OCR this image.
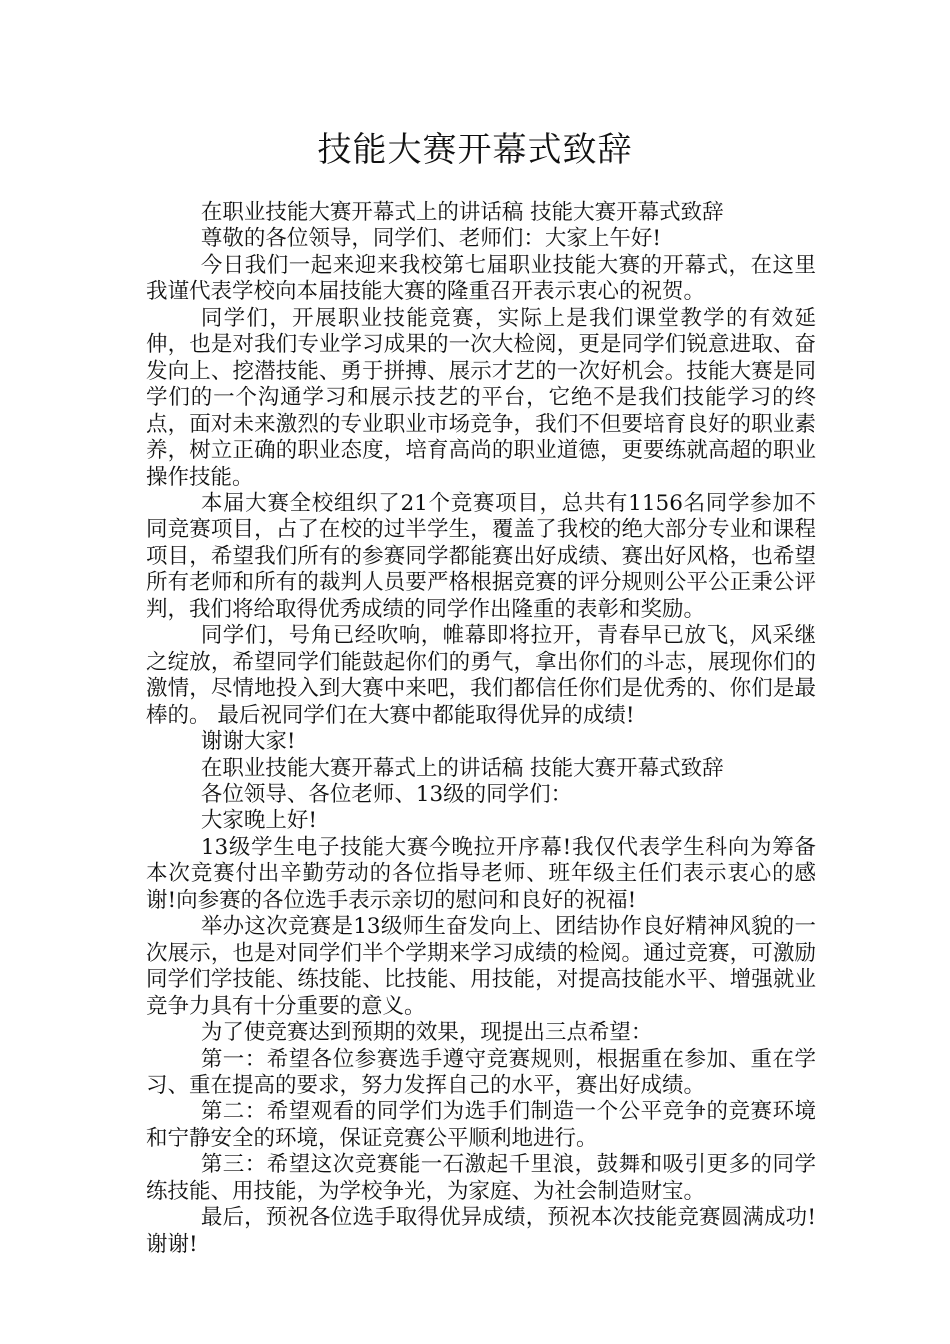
技能大赛开幕式致辞

在职业技能大赛开幕式上的讲话稿 技能大赛开幕式致辞

尊敬的各位领导，同学们、老师们：大家上午好!

今日我们一起来迎来我校第七届职业技能大赛的开幕式，在这里我谨代表学校向本届技能大赛的隆重召开表示衷心的祝贺。

同学们，开展职业技能竞赛，实际上是我们课堂教学的有效延伸，也是对我们专业学习成果的一次大检阅，更是同学们锐意进取、奋发向上、挖潜技能、勇于拼搏、展示才艺的一次好机会。技能大赛是同学们的一个沟通学习和展示技艺的平台，它绝不是我们技能学习的终点，面对未来激烈的专业职业市场竞争，我们不但要培育良好的职业素养，树立正确的职业态度，培育高尚的职业道德，更要练就高超的职业操作技能。

本届大赛全校组织了21个竞赛项目，总共有1156名同学参加不同竞赛项目，占了在校的过半学生，覆盖了我校的绝大部分专业和课程项目，希望我们所有的参赛同学都能赛出好成绩、赛出好风格，也希望所有老师和所有的裁判人员要严格根据竞赛的评分规则公平公正秉公评判，我们将给取得优秀成绩的同学作出隆重的表彰和奖励。

同学们，号角已经吹响，帷幕即将拉开，青春早已放飞，风采继之绽放，希望同学们能鼓起你们的勇气，拿出你们的斗志，展现你们的激情，尽情地投入到大赛中来吧，我们都信任你们是优秀的、你们是最棒的。 最后祝同学们在大赛中都能取得优异的成绩!

谢谢大家!

在职业技能大赛开幕式上的讲话稿 技能大赛开幕式致辞

各位领导、各位老师、13级的同学们：

大家晚上好!

13级学生电子技能大赛今晚拉开序幕!我仅代表学生科向为筹备本次竞赛付出辛勤劳动的各位指导老师、班年级主任们表示衷心的感谢!向参赛的各位选手表示亲切的慰问和良好的祝福!

举办这次竞赛是13级师生奋发向上、团结协作良好精神风貌的一次展示，也是对同学们半个学期来学习成绩的检阅。通过竞赛，可激励同学们学技能、练技能、比技能、用技能，对提高技能水平、增强就业竞争力具有十分重要的意义。

为了使竞赛达到预期的效果，现提出三点希望：

第一：希望各位参赛选手遵守竞赛规则，根据重在参加、重在学习、重在提高的要求，努力发挥自己的水平，赛出好成绩。

第二：希望观看的同学们为选手们制造一个公平竞争的竞赛环境和宁静安全的环境，保证竞赛公平顺利地进行。

第三：希望这次竞赛能一石激起千里浪，鼓舞和吸引更多的同学练技能、用技能，为学校争光，为家庭、为社会制造财宝。

最后，预祝各位选手取得优异成绩，预祝本次技能竞赛圆满成功!谢谢!
